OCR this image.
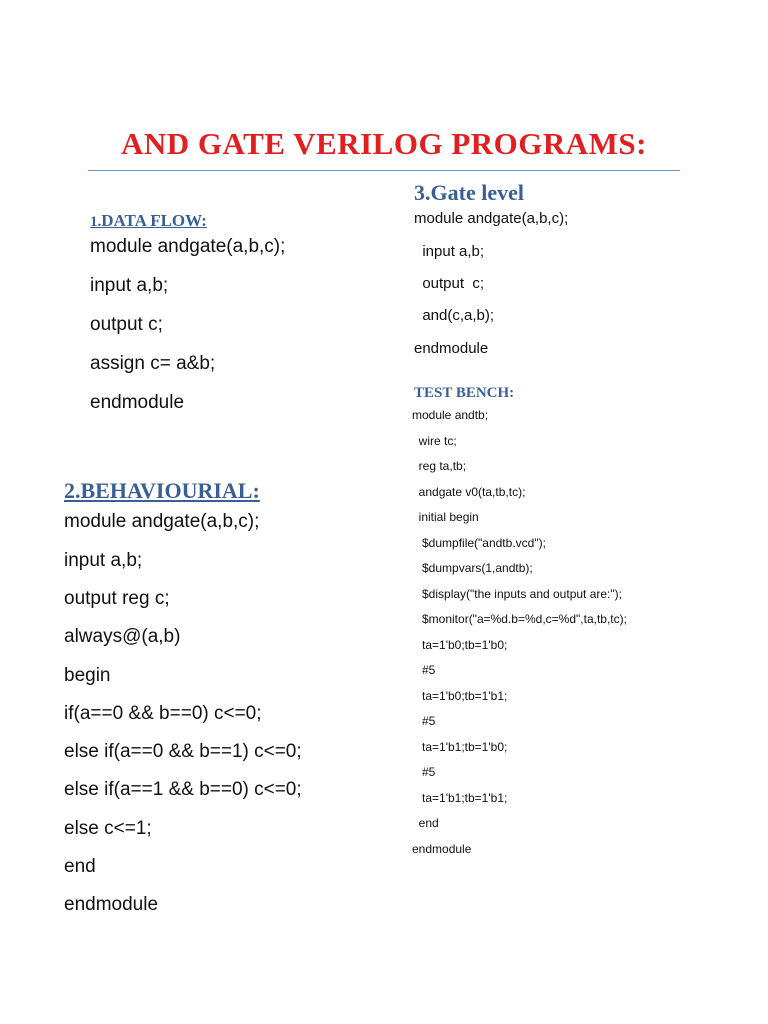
AND GATE VERILOG PROGRAMS:
1.DATA FLOW:
module andgate(a,b,c);
input a,b;
output c;
assign c= a&b;
endmodule
2.BEHAVIOURIAL:
module andgate(a,b,c);
input a,b;
output reg c;
always@(a,b)
begin
if(a==0 && b==0) c<=0;
else if(a==0 && b==1) c<=0;
else if(a==1 && b==0) c<=0;
else c<=1;
end
endmodule
3.Gate level
module andgate(a,b,c);
input a,b;
output  c;
and(c,a,b);
endmodule
TEST BENCH:
module andtb;
wire tc;
reg ta,tb;
andgate v0(ta,tb,tc);
initial begin
$dumpfile("andtb.vcd");
$dumpvars(1,andtb);
$display("the inputs and output are:");
$monitor("a=%d.b=%d,c=%d",ta,tb,tc);
ta=1'b0;tb=1'b0;
#5
ta=1'b0;tb=1'b1;
#5
ta=1'b1;tb=1'b0;
#5
ta=1'b1;tb=1'b1;
end
endmodule
